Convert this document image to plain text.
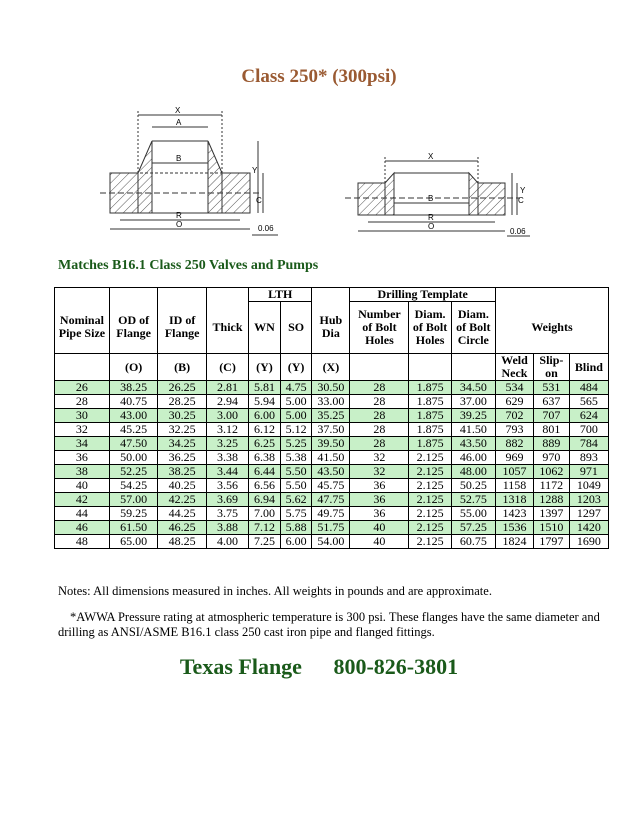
Class 250* (300psi)
X
A
B
Y
C
R
O	0.06
X
B
Y
C
R
O
0.06
Matches B16.1 Class 250 Valves and Pumps
				LTH			Drilling Template					
Nominal Pipe Size	OD of Flange	ID of Flange	Thick	WN	SO	Hub Dia	Number of Bolt Holes	Diam. of Bolt Holes	Diam. of Bolt Circle	Weights		
	(O)	(B)	(C)	(Y)	(Y)	(X)				Weld Neck	Slip-on	Blind
26	38.25	26.25	2.81	5.81	4.75	30.50	28	1.875	34.50	534	531	484
28	40.75	28.25	2.94	5.94	5.00	33.00	28	1.875	37.00	629	637	565
30	43.00	30.25	3.00	6.00	5.00	35.25	28	1.875	39.25	702	707	624
32	45.25	32.25	3.12	6.12	5.12	37.50	28	1.875	41.50	793	801	700
34	47.50	34.25	3.25	6.25	5.25	39.50	28	1.875	43.50	882	889	784
36	50.00	36.25	3.38	6.38	5.38	41.50	32	2.125	46.00	969	970	893
38	52.25	38.25	3.44	6.44	5.50	43.50	32	2.125	48.00	1057	1062	971
40	54.25	40.25	3.56	6.56	5.50	45.75	36	2.125	50.25	1158	1172	1049
42	57.00	42.25	3.69	6.94	5.62	47.75	36	2.125	52.75	1318	1288	1203
44	59.25	44.25	3.75	7.00	5.75	49.75	36	2.125	55.00	1423	1397	1297
46	61.50	46.25	3.88	7.12	5.88	51.75	40	2.125	57.25	1536	1510	1420
48	65.00	48.25	4.00	7.25	6.00	54.00	40	2.125	60.75	1824	1797	1690
Notes: All dimensions measured in inches. All weights in pounds and are approximate.
*AWWA Pressure rating at atmospheric temperature is 300 psi. These flanges have the same diameter and drilling as ANSI/ASME B16.1 class 250 cast iron pipe and flanged fittings.
Texas Flange 800-826-3801
